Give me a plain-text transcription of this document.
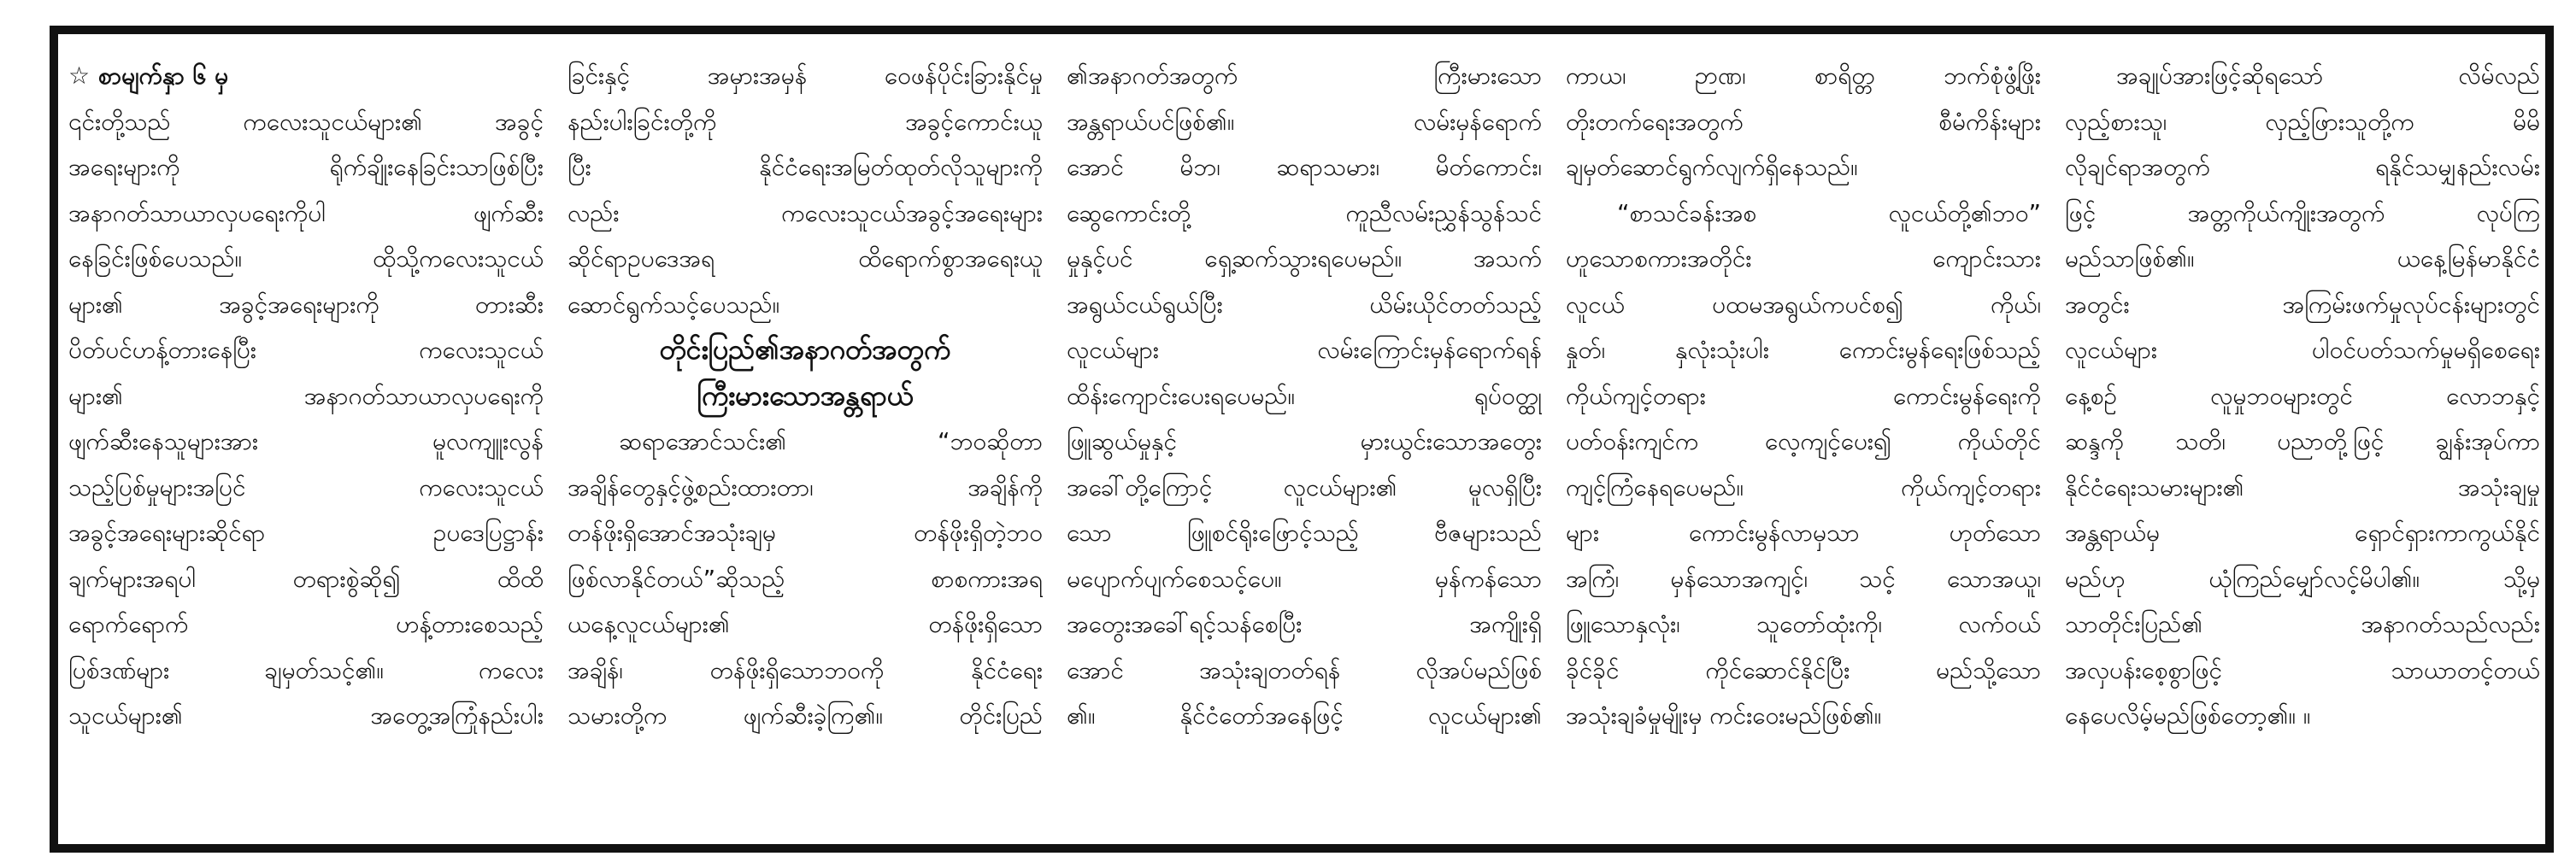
☆ စာမျက်နှာ ၆ မှ
၎င်းတို့သည် ကလေးသူငယ်များ၏ အခွင့်
အရေးများကို ရိုက်ချိုးနေခြင်းသာဖြစ်ပြီး
အနာဂတ်သာယာလှပရေးကိုပါ ဖျက်ဆီး
နေခြင်းဖြစ်ပေသည်။ ထိုသို့ကလေးသူငယ်
များ၏ အခွင့်အရေးများကို တားဆီး
ပိတ်ပင်ဟန့်တားနေပြီး ကလေးသူငယ်
များ၏ အနာဂတ်သာယာလှပရေးကို
ဖျက်ဆီးနေသူများအား မူလကျူးလွန်
သည့်ပြစ်မှုများအပြင် ကလေးသူငယ်
အခွင့်အရေးများဆိုင်ရာ ဥပဒေပြဋ္ဌာန်း
ချက်များအရပါ တရားစွဲဆို၍ ထိထိ
ရောက်ရောက် ဟန့်တားစေသည့်
ပြစ်ဒဏ်များ ချမှတ်သင့်၏။ ကလေး
သူငယ်များ၏ အတွေ့အကြုံနည်းပါး
ခြင်းနှင့် အမှားအမှန် ဝေဖန်ပိုင်းခြားနိုင်မှု
နည်းပါးခြင်းတို့ကို အခွင့်ကောင်းယူ
ပြီး နိုင်ငံရေးအမြတ်ထုတ်လိုသူများကို
လည်း ကလေးသူငယ်အခွင့်အရေးများ
ဆိုင်ရာဥပဒေအရ ထိရောက်စွာအရေးယူ
ဆောင်ရွက်သင့်ပေသည်။
တိုင်းပြည်၏အနာဂတ်အတွက်
ကြီးမားသောအန္တရာယ်
ဆရာအောင်သင်း၏ “ဘဝဆိုတာ
အချိန်တွေနှင့်ဖွဲ့စည်းထားတာ၊ အချိန်ကို
တန်ဖိုးရှိအောင်အသုံးချမှ တန်ဖိုးရှိတဲ့ဘဝ
ဖြစ်လာနိုင်တယ်”ဆိုသည့် စာစကားအရ
ယနေ့လူငယ်များ၏ တန်ဖိုးရှိသော
အချိန်၊ တန်ဖိုးရှိသောဘဝကို နိုင်ငံရေး
သမားတို့က ဖျက်ဆီးခဲ့ကြ၏။ တိုင်းပြည်
၏အနာဂတ်အတွက် ကြီးမားသော
အန္တရာယ်ပင်ဖြစ်၏။ လမ်းမှန်ရောက်
အောင် မိဘ၊ ဆရာသမား၊ မိတ်ကောင်း၊
ဆွေကောင်းတို့ ကူညီလမ်းညွှန်သွန်သင်
မှုနှင့်ပင် ရှေ့ဆက်သွားရပေမည်။ အသက်
အရွယ်ငယ်ရွယ်ပြီး ယိမ်းယိုင်တတ်သည့်
လူငယ်များ လမ်းကြောင်းမှန်ရောက်ရန်
ထိန်းကျောင်းပေးရပေမည်။ ရုပ်ဝတ္ထု
ဖြူဆွယ်မှုနှင့် မှားယွင်းသောအတွေး
အခေါ်တို့ကြောင့် လူငယ်များ၏ မူလရှိပြီး
သော ဖြူစင်ရိုးဖြောင့်သည့် ဗီဇများသည်
မပျောက်ပျက်စေသင့်ပေ။ မှန်ကန်သော
အတွေးအခေါ်ရင့်သန်စေပြီး အကျိုးရှိ
အောင် အသုံးချတတ်ရန် လိုအပ်မည်ဖြစ်
၏။ နိုင်ငံတော်အနေဖြင့် လူငယ်များ၏
ကာယ၊ ဉာဏ၊ စာရိတ္တ ဘက်စုံဖွံ့ဖြိုး
တိုးတက်ရေးအတွက် စီမံကိန်းများ
ချမှတ်ဆောင်ရွက်လျက်ရှိနေသည်။
“စာသင်ခန်းအစ လူငယ်တို့၏ဘဝ”
ဟူသောစကားအတိုင်း ကျောင်းသား
လူငယ် ပထမအရွယ်ကပင်စ၍ ကိုယ်၊
နှုတ်၊ နှလုံးသုံးပါး ကောင်းမွန်ရေးဖြစ်သည့်
ကိုယ်ကျင့်တရား ကောင်းမွန်ရေးကို
ပတ်ဝန်းကျင်က လေ့ကျင့်ပေး၍ ကိုယ်တိုင်
ကျင့်ကြံနေရပေမည်။ ကိုယ်ကျင့်တရား
များ ကောင်းမွန်လာမှသာ ဟုတ်သော
အကြံ၊ မှန်သောအကျင့်၊ သင့် သောအယူ၊
ဖြူသောနှလုံး၊ သူတော်ထုံးကို၊ လက်ဝယ်
ခိုင်ခိုင် ကိုင်ဆောင်နိုင်ပြီး မည်သို့သော
အသုံးချခံမှုမျိုးမှ ကင်းဝေးမည်ဖြစ်၏။
အချုပ်အားဖြင့်ဆိုရသော် လိမ်လည်
လှည့်စားသူ၊ လှည့်ဖြားသူတို့က မိမိ
လိုချင်ရာအတွက် ရနိုင်သမျှနည်းလမ်း
ဖြင့် အတ္တကိုယ်ကျိုးအတွက် လုပ်ကြ
မည်သာဖြစ်၏။ ယနေ့မြန်မာနိုင်ငံ
အတွင်း အကြမ်းဖက်မှုလုပ်ငန်းများတွင်
လူငယ်များ ပါဝင်ပတ်သက်မှုမရှိစေရေး
နေ့စဉ် လူမှုဘဝများတွင် လောဘနှင့်
ဆန္ဒကို သတိ၊ ပညာတို့ဖြင့် ချွန်းအုပ်ကာ
နိုင်ငံရေးသမားများ၏ အသုံးချမှု
အန္တရာယ်မှ ရှောင်ရှားကာကွယ်နိုင်
မည်ဟု ယုံကြည်မျှော်လင့်မိပါ၏။ သို့မှ
သာတိုင်းပြည်၏ အနာဂတ်သည်လည်း
အလှပန်းစေ့စွာဖြင့် သာယာတင့်တယ်
နေပေလိမ့်မည်ဖြစ်တော့၏။ ။
